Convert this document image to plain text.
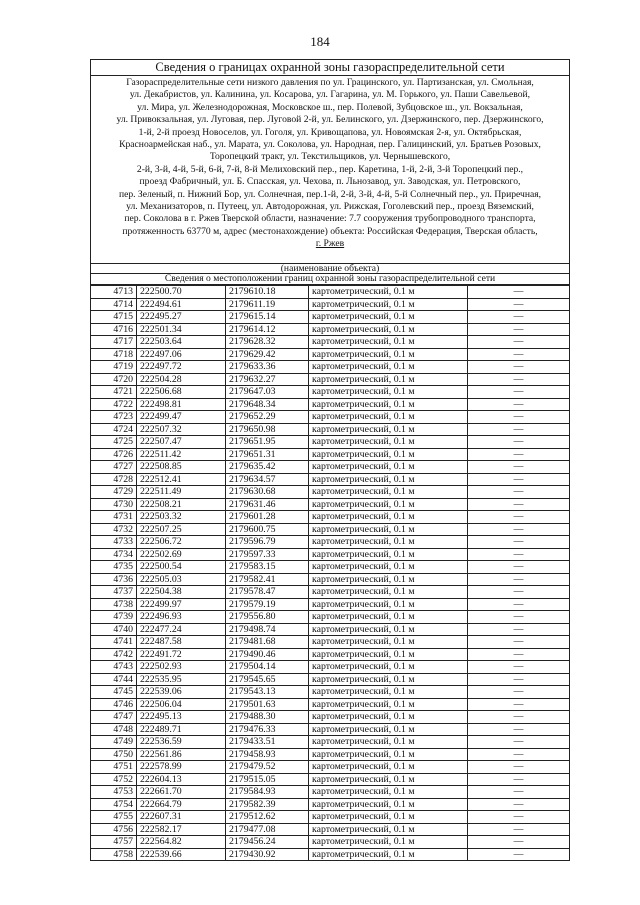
184
Сведения о границах охранной зоны газораспределительной сети
Газораспределительные сети низкого давления по ул. Грацинского, ул. Партизанская, ул. Смольная,
ул. Декабристов, ул. Калинина, ул. Косарова, ул. Гагарина, ул. М. Горького, ул. Паши Савельевой,
ул. Мира, ул. Железнодорожная, Московское ш., пер. Полевой, Зубцовское ш., ул. Вокзальная,
ул. Привокзальная, ул. Луговая, пер. Луговой 2-й, ул. Белинского, ул. Дзержинского, пер. Дзержинского,
1-й, 2-й проезд Новоселов, ул. Гоголя, ул. Кривощапова, ул. Новоямская 2-я, ул. Октябрьская,
Красноармейская наб., ул. Марата, ул. Соколова, ул. Народная, пер. Галицинский, ул. Братьев Розовых,
Торопецкий тракт, ул. Текстильщиков, ул. Чернышевского,
2-й, 3-й, 4-й, 5-й, 6-й, 7-й, 8-й Мелиховский пер., пер. Каретина, 1-й, 2-й, 3-й Торопецкий пер.,
проезд Фабричный, ул. Б. Спасская, ул. Чехова, п. Льнозавод, ул. Заводская, ул. Петровского,
пер. Зеленый, п. Нижний Бор, ул. Солнечная, пер.1-й, 2-й, 3-й, 4-й, 5-й Солнечный пер., ул. Приречная,
ул. Механизаторов, п. Путеец, ул. Автодорожная, ул. Рижская, Гоголевский пер., проезд Вяземский,
пер. Соколова в г. Ржев Тверской области, назначение: 7.7 сооружения трубопроводного транспорта,
протяженность 63770 м, адрес (местонахождение) объекта: Российская Федерация, Тверская область,
г. Ржев
(наименование объекта)
Сведения о местоположении границ охранной зоны газораспределительной сети
4713	222500.70	2179610.18	картометрический, 0.1 м	—
4714	222494.61	2179611.19	картометрический, 0.1 м	—
4715	222495.27	2179615.14	картометрический, 0.1 м	—
4716	222501.34	2179614.12	картометрический, 0.1 м	—
4717	222503.64	2179628.32	картометрический, 0.1 м	—
4718	222497.06	2179629.42	картометрический, 0.1 м	—
4719	222497.72	2179633.36	картометрический, 0.1 м	—
4720	222504.28	2179632.27	картометрический, 0.1 м	—
4721	222506.68	2179647.03	картометрический, 0.1 м	—
4722	222498.81	2179648.34	картометрический, 0.1 м	—
4723	222499.47	2179652.29	картометрический, 0.1 м	—
4724	222507.32	2179650.98	картометрический, 0.1 м	—
4725	222507.47	2179651.95	картометрический, 0.1 м	—
4726	222511.42	2179651.31	картометрический, 0.1 м	—
4727	222508.85	2179635.42	картометрический, 0.1 м	—
4728	222512.41	2179634.57	картометрический, 0.1 м	—
4729	222511.49	2179630.68	картометрический, 0.1 м	—
4730	222508.21	2179631.46	картометрический, 0.1 м	—
4731	222503.32	2179601.28	картометрический, 0.1 м	—
4732	222507.25	2179600.75	картометрический, 0.1 м	—
4733	222506.72	2179596.79	картометрический, 0.1 м	—
4734	222502.69	2179597.33	картометрический, 0.1 м	—
4735	222500.54	2179583.15	картометрический, 0.1 м	—
4736	222505.03	2179582.41	картометрический, 0.1 м	—
4737	222504.38	2179578.47	картометрический, 0.1 м	—
4738	222499.97	2179579.19	картометрический, 0.1 м	—
4739	222496.93	2179556.80	картометрический, 0.1 м	—
4740	222477.24	2179498.74	картометрический, 0.1 м	—
4741	222487.58	2179481.68	картометрический, 0.1 м	—
4742	222491.72	2179490.46	картометрический, 0.1 м	—
4743	222502.93	2179504.14	картометрический, 0.1 м	—
4744	222535.95	2179545.65	картометрический, 0.1 м	—
4745	222539.06	2179543.13	картометрический, 0.1 м	—
4746	222506.04	2179501.63	картометрический, 0.1 м	—
4747	222495.13	2179488.30	картометрический, 0.1 м	—
4748	222489.71	2179476.33	картометрический, 0.1 м	—
4749	222536.59	2179433.51	картометрический, 0.1 м	—
4750	222561.86	2179458.93	картометрический, 0.1 м	—
4751	222578.99	2179479.52	картометрический, 0.1 м	—
4752	222604.13	2179515.05	картометрический, 0.1 м	—
4753	222661.70	2179584.93	картометрический, 0.1 м	—
4754	222664.79	2179582.39	картометрический, 0.1 м	—
4755	222607.31	2179512.62	картометрический, 0.1 м	—
4756	222582.17	2179477.08	картометрический, 0.1 м	—
4757	222564.82	2179456.24	картометрический, 0.1 м	—
4758	222539.66	2179430.92	картометрический, 0.1 м	—
